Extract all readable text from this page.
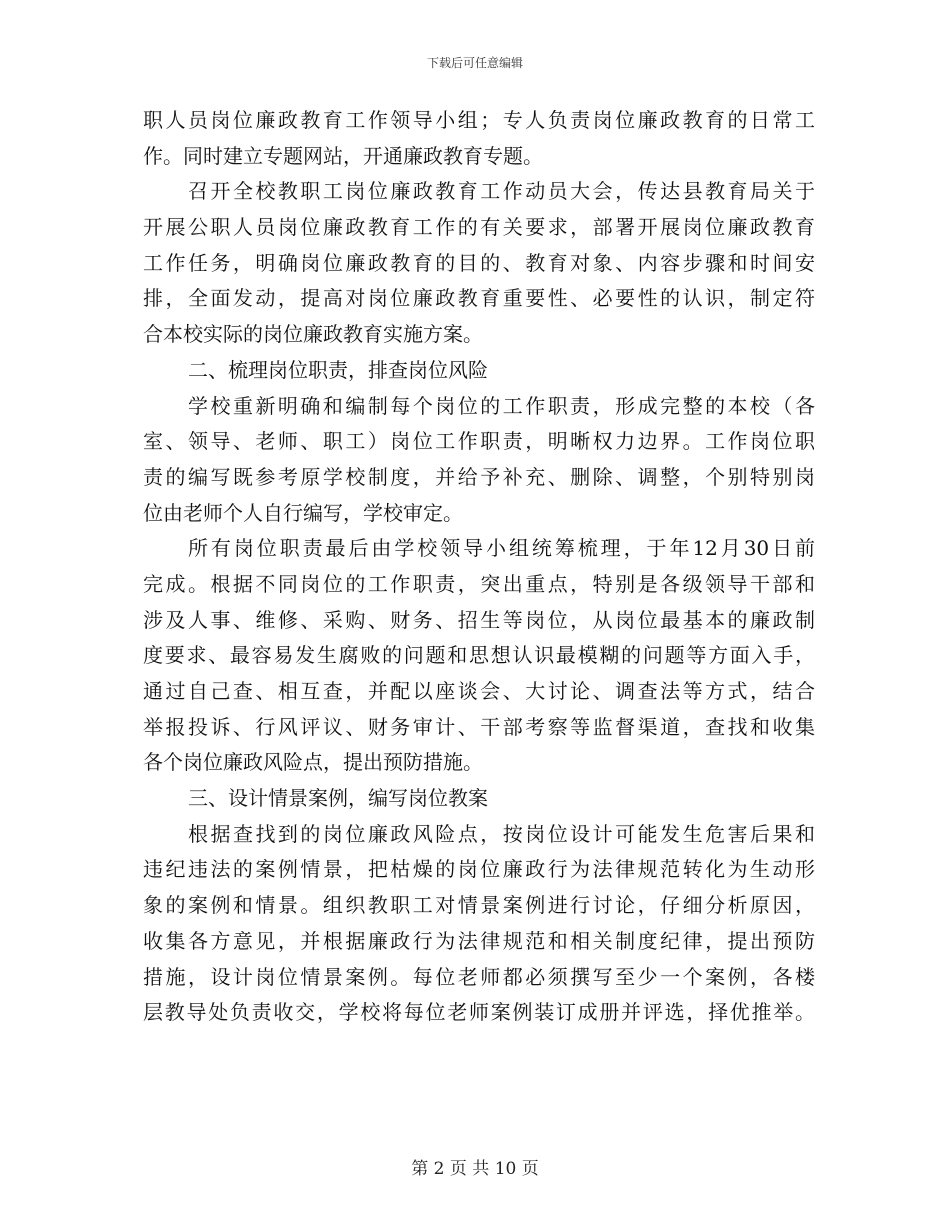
下载后可任意编辑
职人员岗位廉政教育工作领导小组；专人负责岗位廉政教育的日常工
作。同时建立专题网站，开通廉政教育专题。
召开全校教职工岗位廉政教育工作动员大会，传达县教育局关于
开展公职人员岗位廉政教育工作的有关要求，部署开展岗位廉政教育
工作任务，明确岗位廉政教育的目的、教育对象、内容步骤和时间安
排，全面发动，提高对岗位廉政教育重要性、必要性的认识，制定符
合本校实际的岗位廉政教育实施方案。
二、梳理岗位职责，排查岗位风险
学校重新明确和编制每个岗位的工作职责，形成完整的本校（各
室、领导、老师、职工）岗位工作职责，明晰权力边界。工作岗位职
责的编写既参考原学校制度，并给予补充、删除、调整，个别特别岗
位由老师个人自行编写，学校审定。
所有岗位职责最后由学校领导小组统筹梳理，于年12月30日前
完成。根据不同岗位的工作职责，突出重点，特别是各级领导干部和
涉及人事、维修、采购、财务、招生等岗位，从岗位最基本的廉政制
度要求、最容易发生腐败的问题和思想认识最模糊的问题等方面入手，
通过自己查、相互查，并配以座谈会、大讨论、调查法等方式，结合
举报投诉、行风评议、财务审计、干部考察等监督渠道，查找和收集
各个岗位廉政风险点，提出预防措施。
三、设计情景案例，编写岗位教案
根据查找到的岗位廉政风险点，按岗位设计可能发生危害后果和
违纪违法的案例情景，把枯燥的岗位廉政行为法律规范转化为生动形
象的案例和情景。组织教职工对情景案例进行讨论，仔细分析原因，
收集各方意见，并根据廉政行为法律规范和相关制度纪律，提出预防
措施，设计岗位情景案例。每位老师都必须撰写至少一个案例，各楼
层教导处负责收交，学校将每位老师案例装订成册并评选，择优推举。
第 2 页 共 10 页
